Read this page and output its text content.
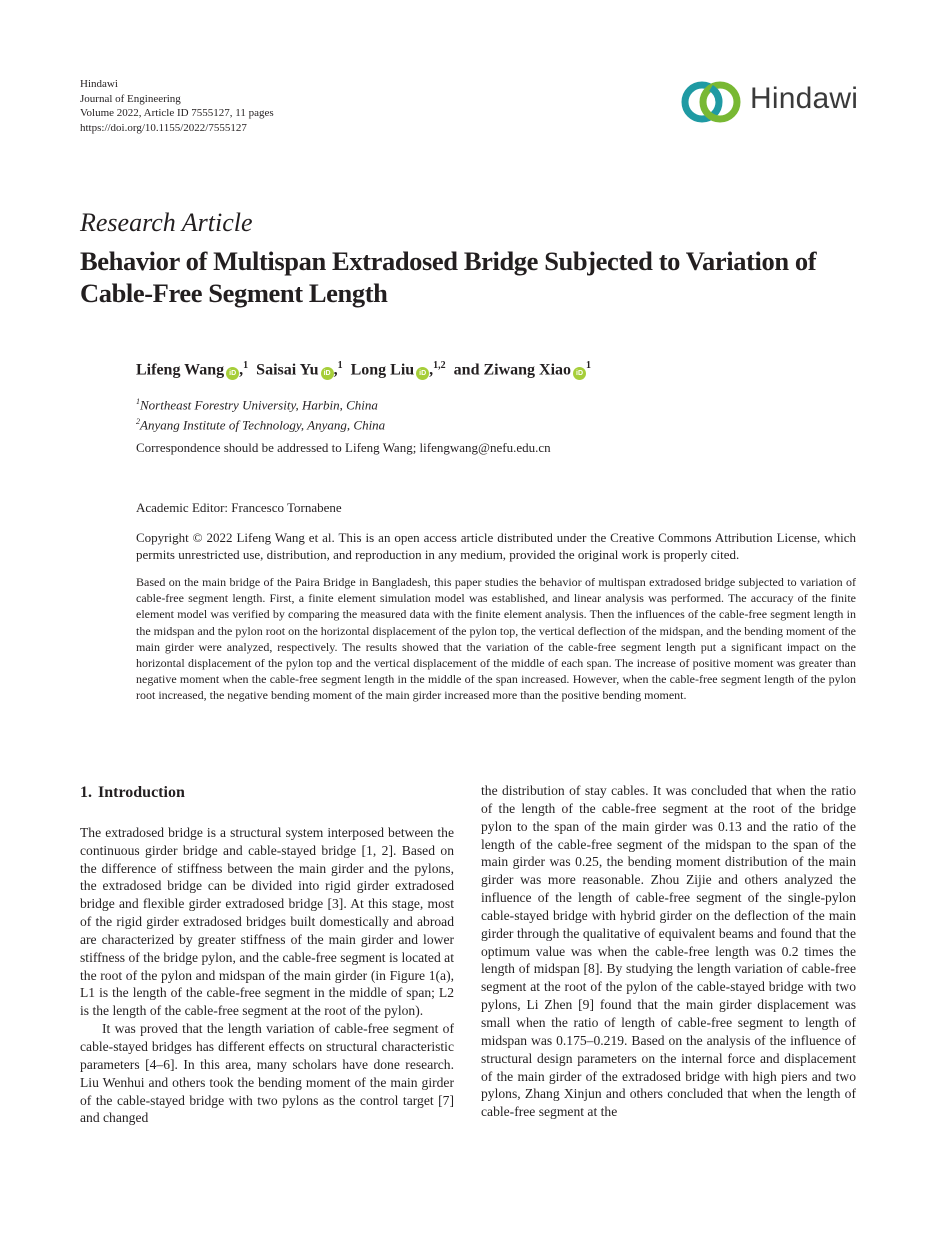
Hindawi
Journal of Engineering
Volume 2022, Article ID 7555127, 11 pages
https://doi.org/10.1155/2022/7555127
Hindawi
Research Article
Behavior of Multispan Extradosed Bridge Subjected to Variation of Cable-Free Segment Length
Lifeng Wang iD ,$^1$ Saisai Yu iD ,$^1$ Long Liu iD ,$^{1,2}$ and Ziwang Xiao $iD^1$
$^1$Northeast Forestry University, Harbin, China
$^2$Anyang Institute of Technology, Anyang, China
Correspondence should be addressed to Lifeng Wang; lifengwang@nefu.edu.cn
Academic Editor: Francesco Tornabene
Copyright © 2022 Lifeng Wang et al. This is an open access article distributed under the Creative Commons Attribution License, which permits unrestricted use, distribution, and reproduction in any medium, provided the original work is properly cited.
Based on the main bridge of the Paira Bridge in Bangladesh, this paper studies the behavior of multispan extradosed bridge subjected to variation of cable-free segment length. First, a finite element simulation model was established, and linear analysis was performed. The accuracy of the finite element model was verified by comparing the measured data with the finite element analysis. Then the influences of the cable-free segment length in the midspan and the pylon root on the horizontal displacement of the pylon top, the vertical deflection of the midspan, and the bending moment of the main girder were analyzed, respectively. The results showed that the variation of the cable-free segment length put a significant impact on the horizontal displacement of the pylon top and the vertical displacement of the middle of each span. The increase of positive moment was greater than negative moment when the cable-free segment length in the middle of the span increased. However, when the cable-free segment length of the pylon root increased, the negative bending moment of the main girder increased more than the positive bending moment.
1. Introduction

The extradosed bridge is a structural system interposed between the continuous girder bridge and cable-stayed bridge [1, 2]. Based on the difference of stiffness between the main girder and the pylons, the extradosed bridge can be divided into rigid girder extradosed bridge and flexible girder extradosed bridge [3]. At this stage, most of the rigid girder extradosed bridges built domestically and abroad are characterized by greater stiffness of the main girder and lower stiffness of the bridge pylon, and the cable-free segment is located at the root of the pylon and midspan of the main girder (in Figure 1(a), L1 is the length of the cable-free segment in the middle of span; L2 is the length of the cable-free segment at the root of the pylon).

It was proved that the length variation of cable-free segment of cable-stayed bridges has different effects on structural characteristic parameters [4–6]. In this area, many scholars have done research. Liu Wenhui and others took the bending moment of the main girder of the cable-stayed bridge with two pylons as the control target [7] and changed

the distribution of stay cables. It was concluded that when the ratio of the length of the cable-free segment at the root of the bridge pylon to the span of the main girder was 0.13 and the ratio of the length of the cable-free segment of the midspan to the span of the main girder was 0.25, the bending moment distribution of the main girder was more reasonable. Zhou Zijie and others analyzed the influence of the length of cable-free segment of the single-pylon cable-stayed bridge with hybrid girder on the deflection of the main girder through the qualitative of equivalent beams and found that the optimum value was when the cable-free length was 0.2 times the length of midspan [8]. By studying the length variation of cable-free segment at the root of the pylon of the cable-stayed bridge with two pylons, Li Zhen [9] found that the main girder displacement was small when the ratio of length of cable-free segment to length of midspan was 0.175–0.219. Based on the analysis of the influence of structural design parameters on the internal force and displacement of the main girder of the extradosed bridge with high piers and two pylons, Zhang Xinjun and others concluded that when the length of cable-free segment at the
